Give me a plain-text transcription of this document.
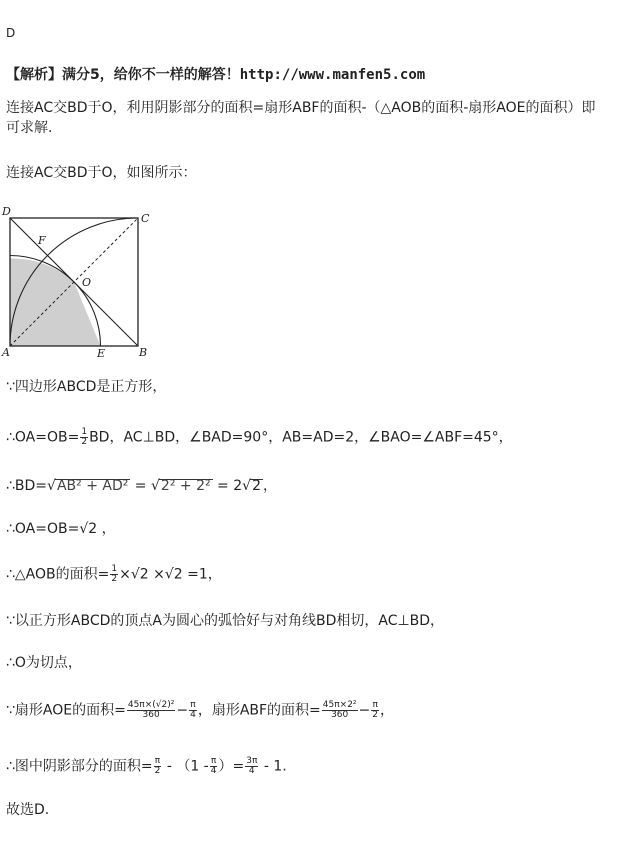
D
【解析】满分5，给你不一样的解答！http://www.manfen5.com
连接AC交BD于O，利用阴影部分的面积=扇形ABF的面积-（△AOB的面积-扇形AOE的面积）即
可求解.
连接AC交BD于O，如图所示：
D
C
F
O
A	E	B
∵四边形ABCD是正方形，
∴OA=OB= $\frac{1}{2}$ BD，AC⊥BD，∠BAD=90°，AB=AD=2，∠BAO=∠ABF=45°，
∴BD=√AB² + AD² = √2² + 2² = 2√2 ，
∴OA=OB=√2 ，
∴△AOB的面积= $\frac{1}{2} \times√2 \times√2 =1$，
∵以正方形ABCD的顶点A为圆心的弧恰好与对角线BD相切，AC⊥BD，
∴O为切点，
∵扇形AOE的面积= $\frac{\text{45π×(√2)²}}{360} - \frac{\pi}{4}$ ，扇形ABF的面积= $\frac{\text{45π×2²}}{360} - \frac{\pi}{2}$ ，
∴图中阴影部分的面积= $\frac{\pi}{2} - (1 - \frac{\pi}{4}$ ）= $\frac{3\pi}{4} - 1$.
故选D.
